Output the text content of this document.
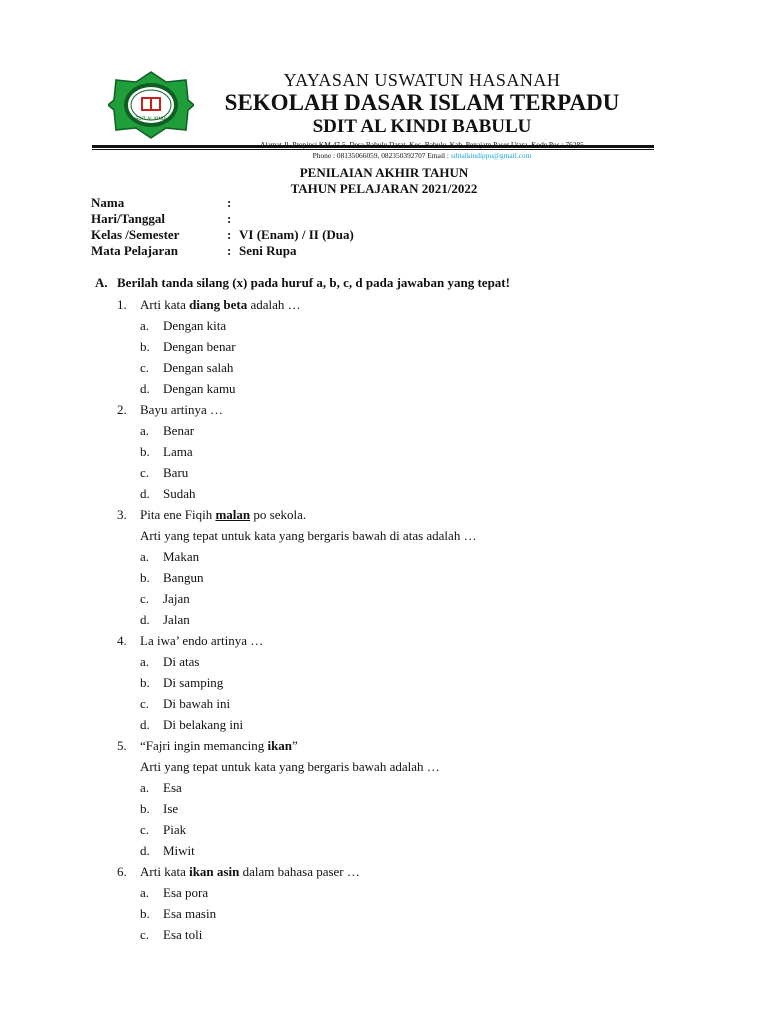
SDIT AL KINDI
YAYASAN USWATUN HASANAH
SEKOLAH DASAR ISLAM TERPADU
SDIT AL KINDI BABULU
Phone : 08135066059, 082350392707 Email : sditalkindippu@gmail.com
PENILAIAN AKHIR TAHUN
TAHUN PELAJARAN 2021/2022
Nama	:
Hari/Tanggal	:
Kelas /Semester	: VI (Enam) / II (Dua)
Mata Pelajaran	: Seni Rupa
A. Berilah tanda silang (x) pada huruf a, b, c, d pada jawaban yang tepat!
1. Arti kata diang beta adalah …
a. Dengan kita
b. Dengan benar
c. Dengan salah
d. Dengan kamu
2. Bayu artinya …
a. Benar
b. Lama
c. Baru
d. Sudah
3. Pita ene Fiqih malan po sekola.
Arti yang tepat untuk kata yang bergaris bawah di atas adalah …
a. Makan
b. Bangun
c. Jajan
d. Jalan
4. La iwa’ endo artinya …
a. Di atas
b. Di samping
c. Di bawah ini
d. Di belakang ini
5. “Fajri ingin memancing ikan”
Arti yang tepat untuk kata yang bergaris bawah adalah …
a. Esa
b. Ise
c. Piak
d. Miwit
6. Arti kata ikan asin dalam bahasa paser …
a. Esa pora
b. Esa masin
c. Esa toli
